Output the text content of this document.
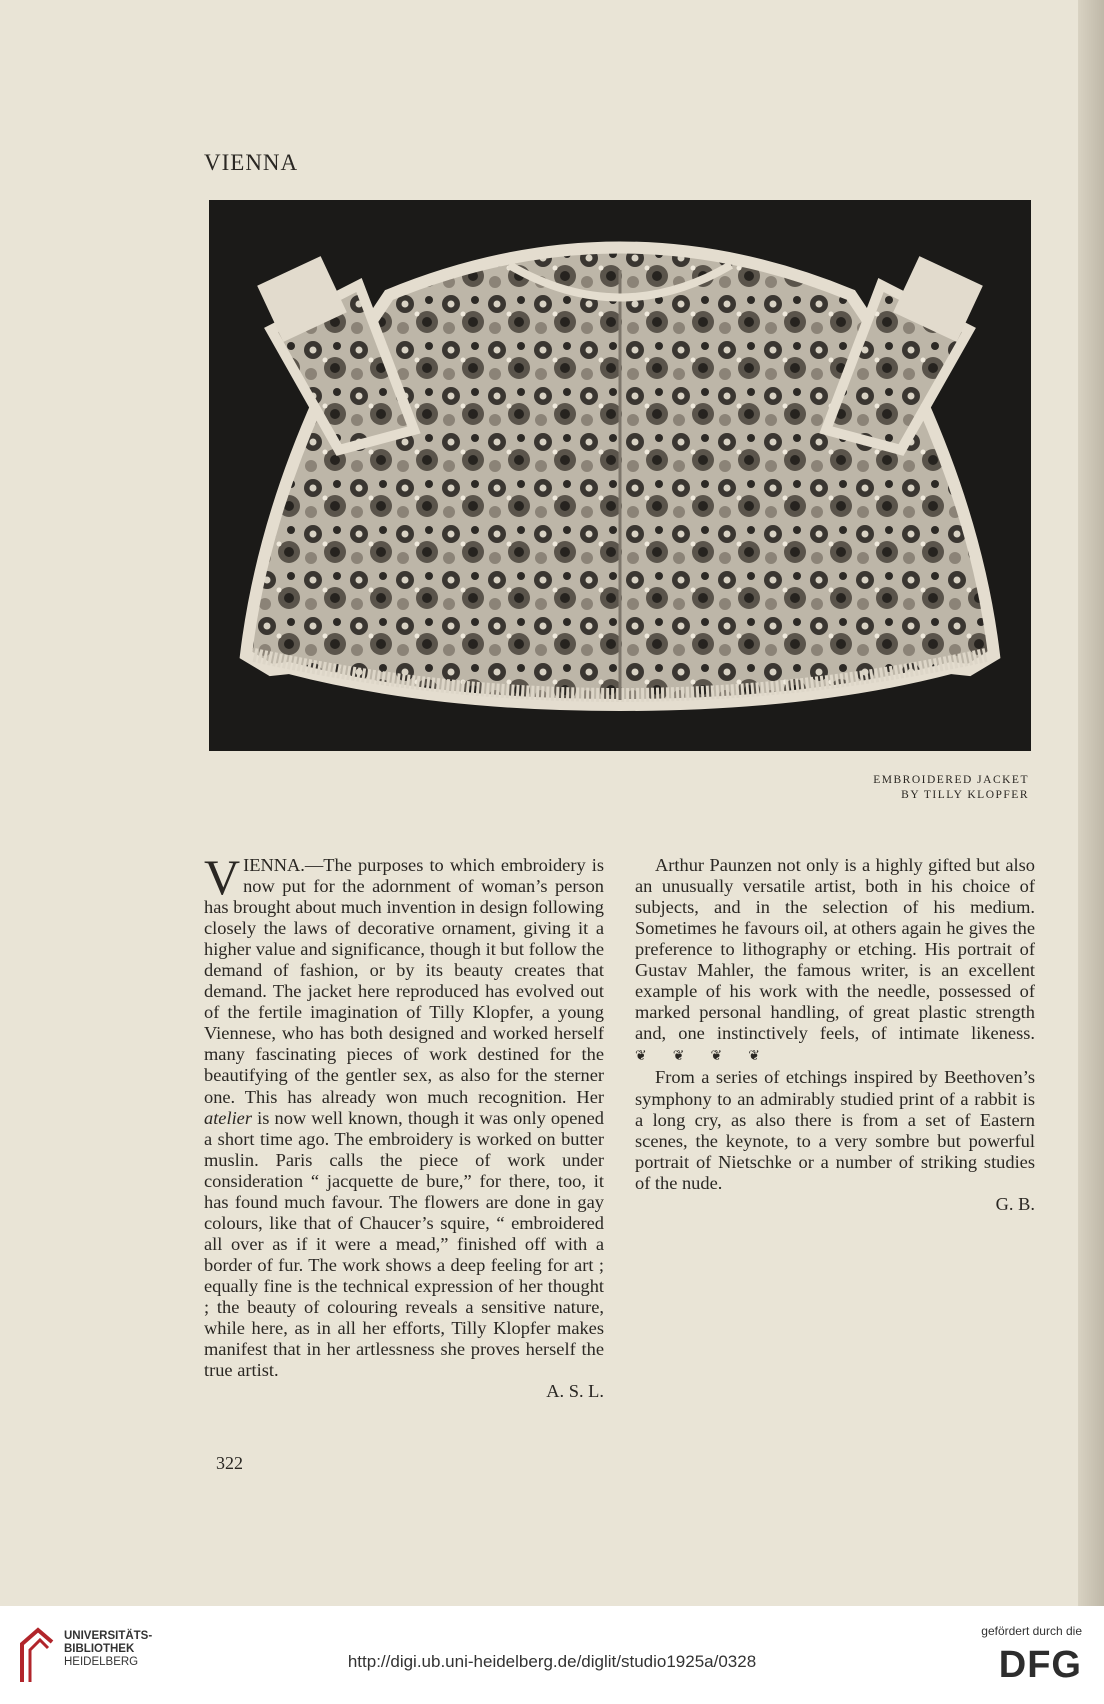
VIENNA
EMBROIDERED JACKET
BY TILLY KLOPFER

VIENNA.—The purposes to which embroidery is now put for the adornment of woman’s person has brought about much invention in design following closely the laws of decorative ornament, giving it a higher value and significance, though it but follow the demand of fashion, or by its beauty creates that demand. The jacket here reproduced has evolved out of the fertile imagination of Tilly Klopfer, a young Viennese, who has both designed and worked herself many fascinating pieces of work destined for the beautifying of the gentler sex, as also for the sterner one. This has already won much recognition. Her atelier is now well known, though it was only opened a short time ago. The embroidery is worked on butter muslin. Paris calls the piece of work under consideration “ jacquette de bure,” for there, too, it has found much favour. The flowers are done in gay colours, like that of Chaucer’s squire, “ embroidered all over as if it were a mead,” finished off with a border of fur. The work shows a deep feeling for art ; equally fine is the technical expression of her thought ; the beauty of colouring reveals a sensitive nature, while here, as in all her efforts, Tilly Klopfer makes manifest that in her artlessness she proves herself the true artist.
A. S. L.

Arthur Paunzen not only is a highly gifted but also an unusually versatile artist, both in his choice of subjects, and in the selection of his medium. Sometimes he favours oil, at others again he gives the preference to lithography or etching. His portrait of Gustav Mahler, the famous writer, is an excellent example of his work with the needle, possessed of marked personal handling, of great plastic strength and, one instinctively feels, of intimate likeness. ❦❦❦❦

From a series of etchings inspired by Beethoven’s symphony to an admirably studied print of a rabbit is a long cry, as also there is from a set of Eastern scenes, the keynote, to a very sombre but powerful portrait of Nietschke or a number of striking studies of the nude.
G. B.

322
UNIVERSITÄTS-
BIBLIOTHEK
HEIDELBERG	http://digi.ub.uni-heidelberg.de/diglit/studio1925a/0328
gefördert durch die
DFG
